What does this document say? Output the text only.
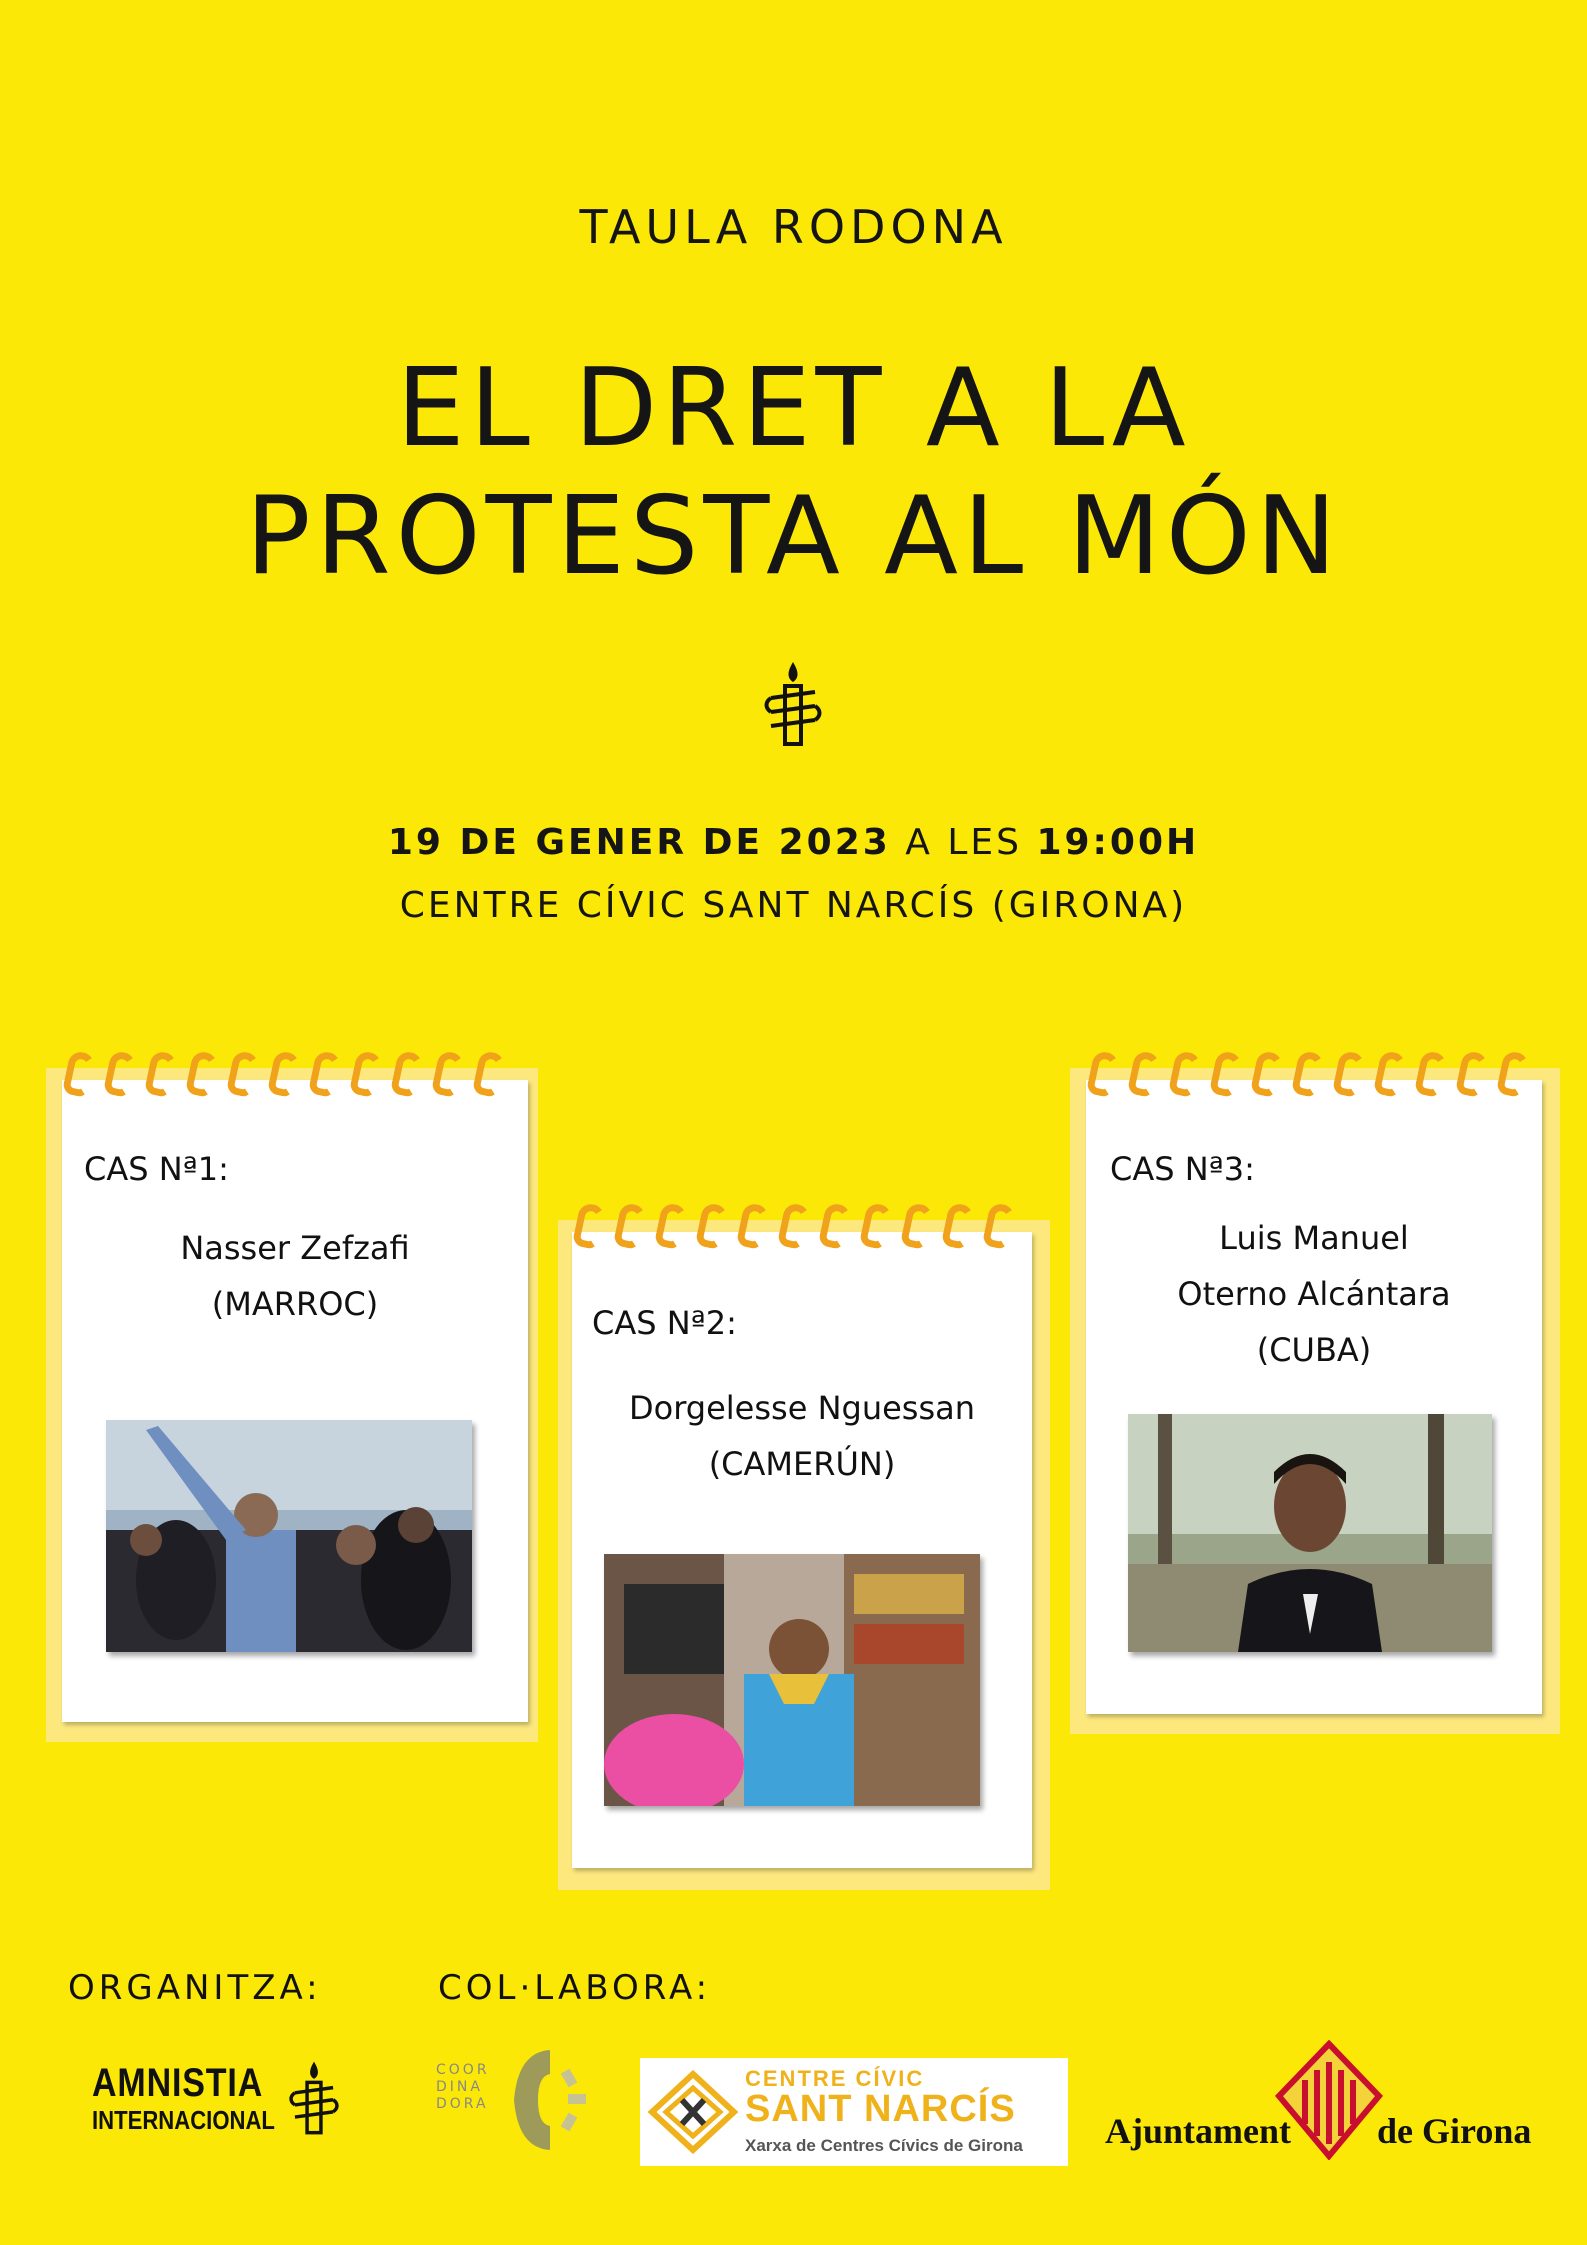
TAULA RODONA
EL DRET A LA
PROTESTA AL MÓN
19 DE GENER DE 2023 A LES 19:00H
CENTRE CÍVIC SANT NARCÍS (GIRONA)
CAS Nª1:
Nasser Zefzafi
(MARROC)	CAS Nª2:
Dorgelesse Nguessan
(CAMERÚN)
CAS Nª3:
Luis Manuel
Oterno Alcántara
(CUBA)
ORGANITZA:	COL·LABORA:
AMNISTIA
INTERNACIONAL
COOR
DINA
DORA
CENTRE CÍVIC
SANT NARCÍS
Xarxa de Centres Cívics de Girona Ajuntament de Girona
